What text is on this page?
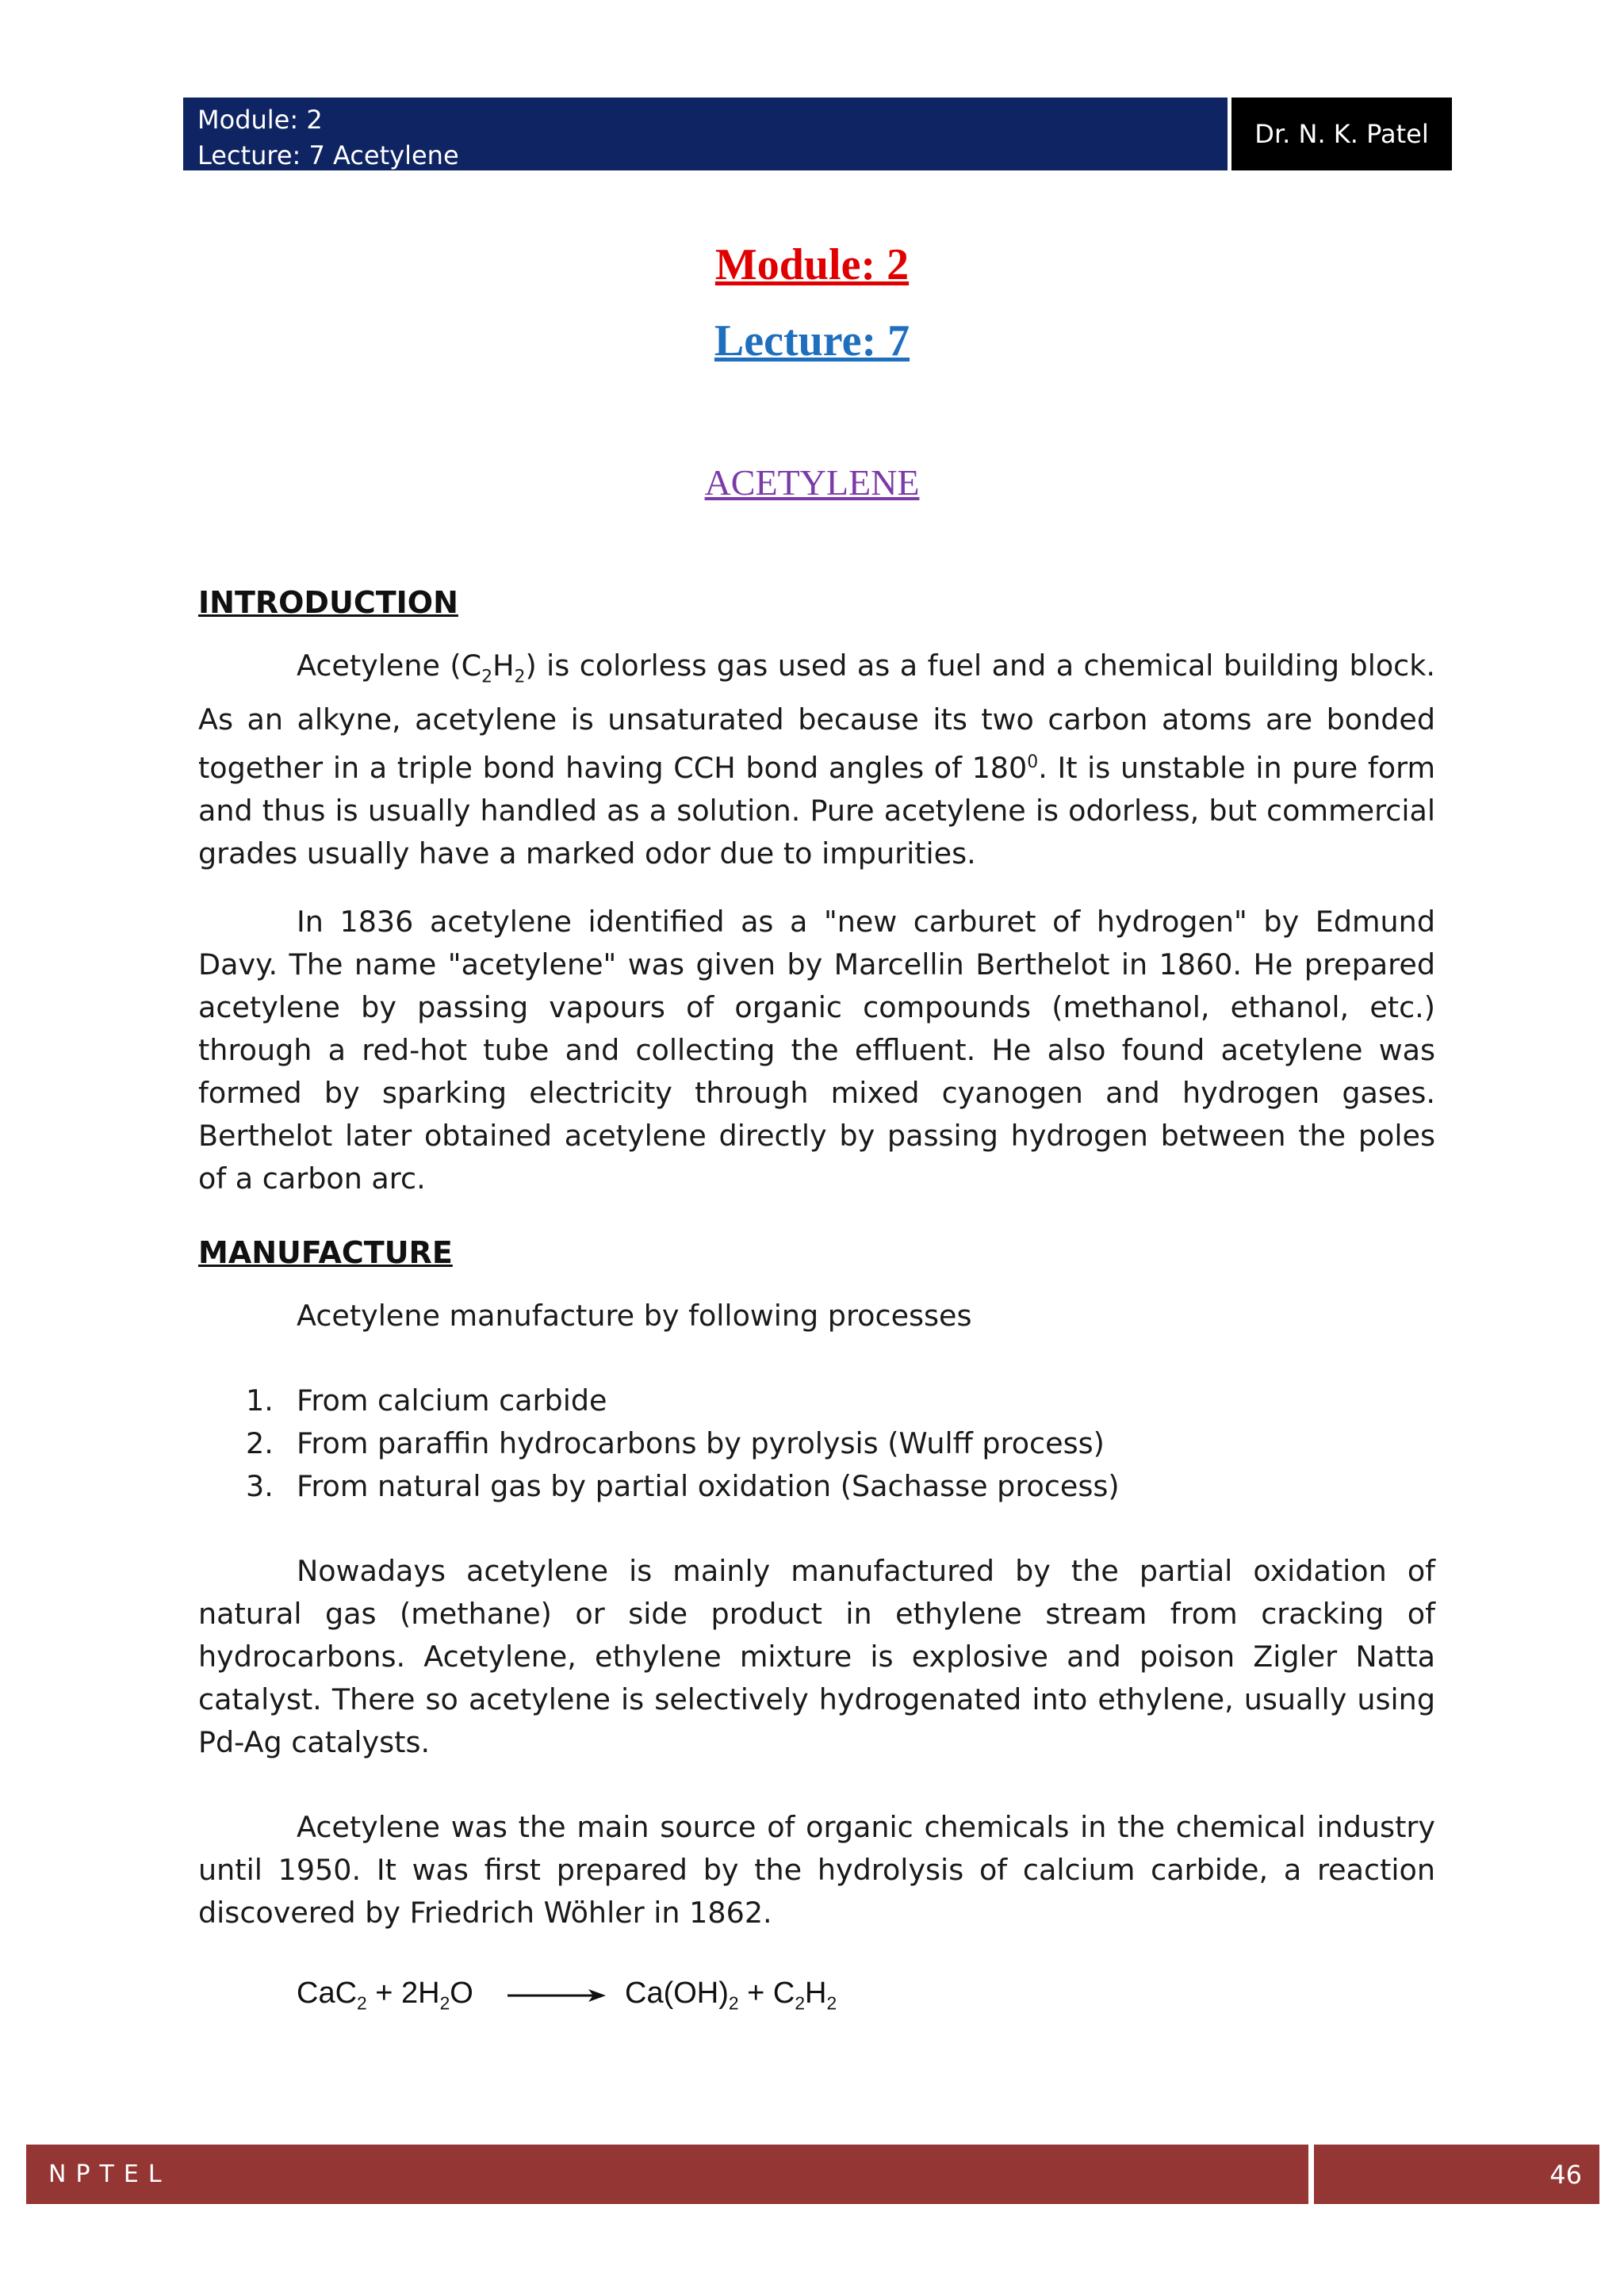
Module: 2
Lecture: 7 Acetylene
Dr. N. K. Patel
Module: 2
Lecture: 7
ACETYLENE
INTRODUCTION
Acetylene $(C_2H_2)$ is colorless gas used as a fuel and a chemical building block. As an alkyne, acetylene is unsaturated because its two carbon atoms are bonded together in a triple bond having CCH bond angles of $180^0$. It is unstable in pure form and thus is usually handled as a solution. Pure acetylene is odorless, but commercial grades usually have a marked odor due to impurities.
In 1836 acetylene identified as a "new carburet of hydrogen" by Edmund Davy. The name "acetylene" was given by Marcellin Berthelot in 1860. He prepared acetylene by passing vapours of organic compounds (methanol, ethanol, etc.) through a red-hot tube and collecting the effluent. He also found acetylene was formed by sparking electricity through mixed cyanogen and hydrogen gases. Berthelot later obtained acetylene directly by passing hydrogen between the poles of a carbon arc.
MANUFACTURE
Acetylene manufacture by following processes
1. From calcium carbide
2. From paraffin hydrocarbons by pyrolysis (Wulff process)
3. From natural gas by partial oxidation (Sachasse process)
Nowadays acetylene is mainly manufactured by the partial oxidation of natural gas (methane) or side product in ethylene stream from cracking of hydrocarbons. Acetylene, ethylene mixture is explosive and poison Zigler Natta catalyst. There so acetylene is selectively hydrogenated into ethylene, usually using Pd-Ag catalysts.
Acetylene was the main source of organic chemicals in the chemical industry until 1950. It was first prepared by the hydrolysis of calcium carbide, a reaction discovered by Friedrich Wöhler in 1862.
$CaC_2 + 2H_2O$	$Ca(OH)_2 + C_2H_2$
NPTEL	46
